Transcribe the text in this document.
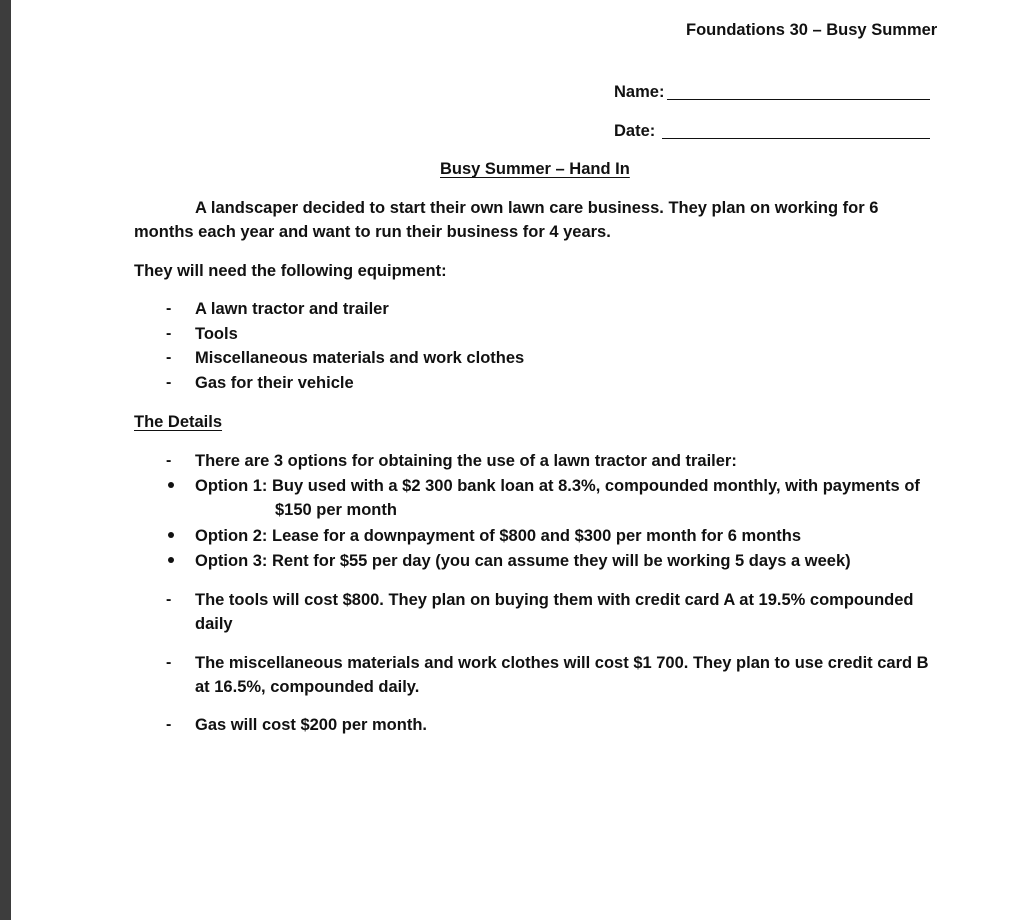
Foundations 30 – Busy Summer
Name:
Date:
Busy Summer – Hand In
A landscaper decided to start their own lawn care business. They plan on working for 6
months each year and want to run their business for 4 years.
They will need the following equipment:
- A lawn tractor and trailer
- Tools
- Miscellaneous materials and work clothes
- Gas for their vehicle
The Details
- There are 3 options for obtaining the use of a lawn tractor and trailer:
Option 1: Buy used with a $2 300 bank loan at 8.3%, compounded monthly, with payments of
$150 per month
Option 2: Lease for a downpayment of $800 and $300 per month for 6 months
Option 3: Rent for $55 per day (you can assume they will be working 5 days a week)
- The tools will cost $800. They plan on buying them with credit card A at 19.5% compounded
daily
- The miscellaneous materials and work clothes will cost $1 700. They plan to use credit card B
at 16.5%, compounded daily.
- Gas will cost $200 per month.
